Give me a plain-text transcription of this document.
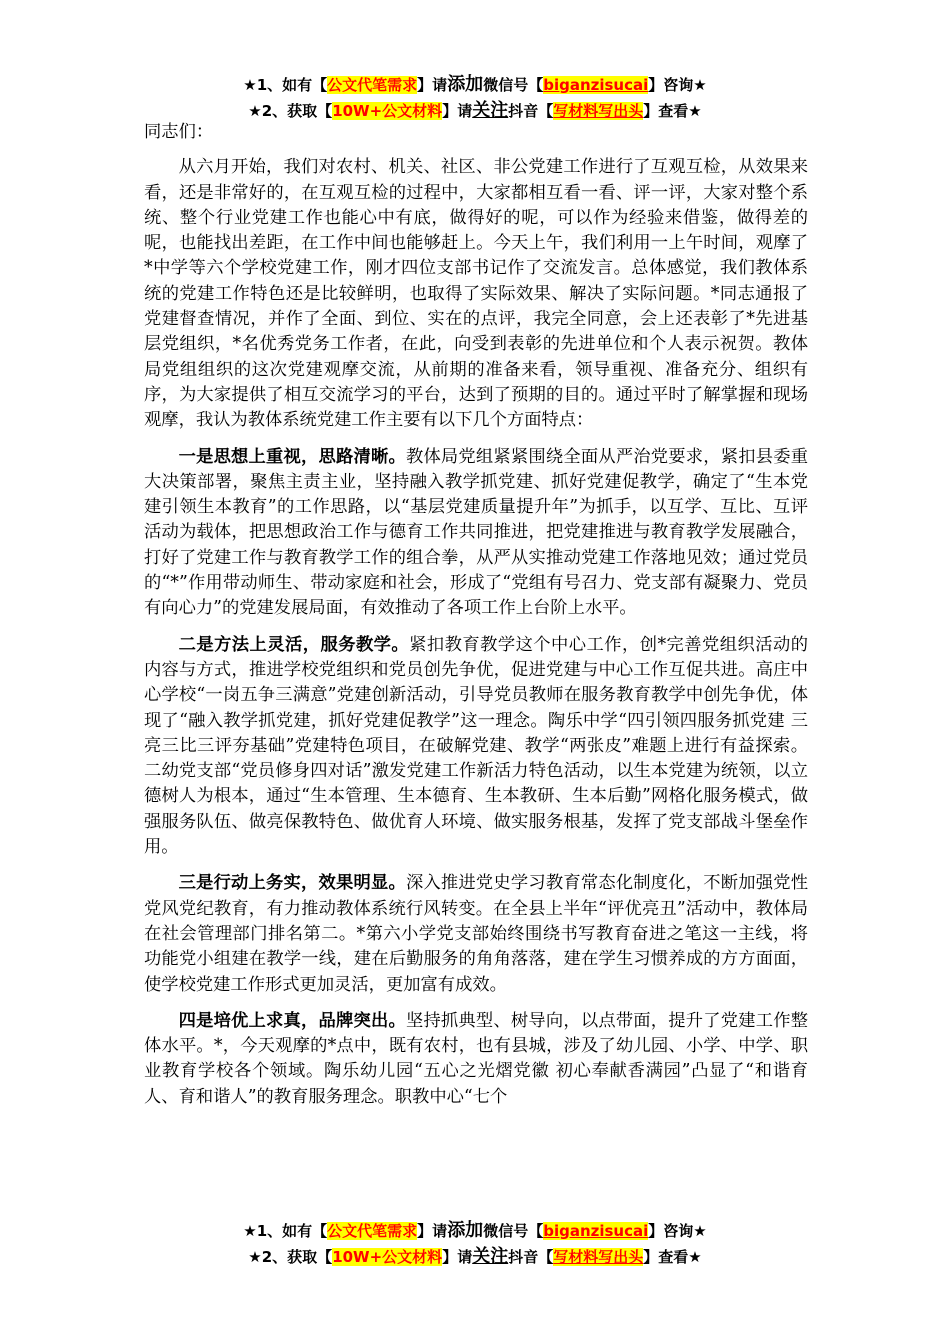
★1、如有【公文代笔需求】请添加微信号【biganzisucai】咨询★
★2、获取【10W+公文材料】请关注抖音【写材料写出头】查看★

同志们：

从六月开始，我们对农村、机关、社区、非公党建工作进行了互观互检，从效果来看，还是非常好的，在互观互检的过程中，大家都相互看一看、评一评，大家对整个系统、整个行业党建工作也能心中有底，做得好的呢，可以作为经验来借鉴，做得差的呢，也能找出差距，在工作中间也能够赶上。今天上午，我们利用一上午时间，观摩了*中学等六个学校党建工作，刚才四位支部书记作了交流发言。总体感觉，我们教体系统的党建工作特色还是比较鲜明，也取得了实际效果、解决了实际问题。*同志通报了党建督查情况，并作了全面、到位、实在的点评，我完全同意，会上还表彰了*先进基层党组织，*名优秀党务工作者，在此，向受到表彰的先进单位和个人表示祝贺。教体局党组组织的这次党建观摩交流，从前期的准备来看，领导重视、准备充分、组织有序，为大家提供了相互交流学习的平台，达到了预期的目的。通过平时了解掌握和现场观摩，我认为教体系统党建工作主要有以下几个方面特点：

一是思想上重视，思路清晰。教体局党组紧紧围绕全面从严治党要求，紧扣县委重大决策部署，聚焦主责主业，坚持融入教学抓党建、抓好党建促教学，确定了“生本党建引领生本教育”的工作思路，以“基层党建质量提升年”为抓手，以互学、互比、互评活动为载体，把思想政治工作与德育工作共同推进，把党建推进与教育教学发展融合，打好了党建工作与教育教学工作的组合拳，从严从实推动党建工作落地见效；通过党员的“*”作用带动师生、带动家庭和社会，形成了“党组有号召力、党支部有凝聚力、党员有向心力”的党建发展局面，有效推动了各项工作上台阶上水平。

二是方法上灵活，服务教学。紧扣教育教学这个中心工作，创*完善党组织活动的内容与方式，推进学校党组织和党员创先争优，促进党建与中心工作互促共进。高庄中心学校“一岗五争三满意”党建创新活动，引导党员教师在服务教育教学中创先争优，体现了“融入教学抓党建，抓好党建促教学”这一理念。陶乐中学“四引领四服务抓党建 三亮三比三评夯基础”党建特色项目，在破解党建、教学“两张皮”难题上进行有益探索。二幼党支部“党员修身四对话”激发党建工作新活力特色活动，以生本党建为统领，以立德树人为根本，通过“生本管理、生本德育、生本教研、生本后勤”网格化服务模式，做强服务队伍、做亮保教特色、做优育人环境、做实服务根基，发挥了党支部战斗堡垒作用。

三是行动上务实，效果明显。深入推进党史学习教育常态化制度化，不断加强党性党风党纪教育，有力推动教体系统行风转变。在全县上半年“评优亮丑”活动中，教体局在社会管理部门排名第二。*第六小学党支部始终围绕书写教育奋进之笔这一主线，将功能党小组建在教学一线，建在后勤服务的角角落落，建在学生习惯养成的方方面面，使学校党建工作形式更加灵活，更加富有成效。

四是培优上求真，品牌突出。坚持抓典型、树导向，以点带面，提升了党建工作整体水平。*，今天观摩的*点中，既有农村，也有县城，涉及了幼儿园、小学、中学、职业教育学校各个领域。陶乐幼儿园“五心之光熠党徽 初心奉献香满园”凸显了“和谐育人、育和谐人”的教育服务理念。职教中心“七个

★1、如有【公文代笔需求】请添加微信号【biganzisucai】咨询★
★2、获取【10W+公文材料】请关注抖音【写材料写出头】查看★
